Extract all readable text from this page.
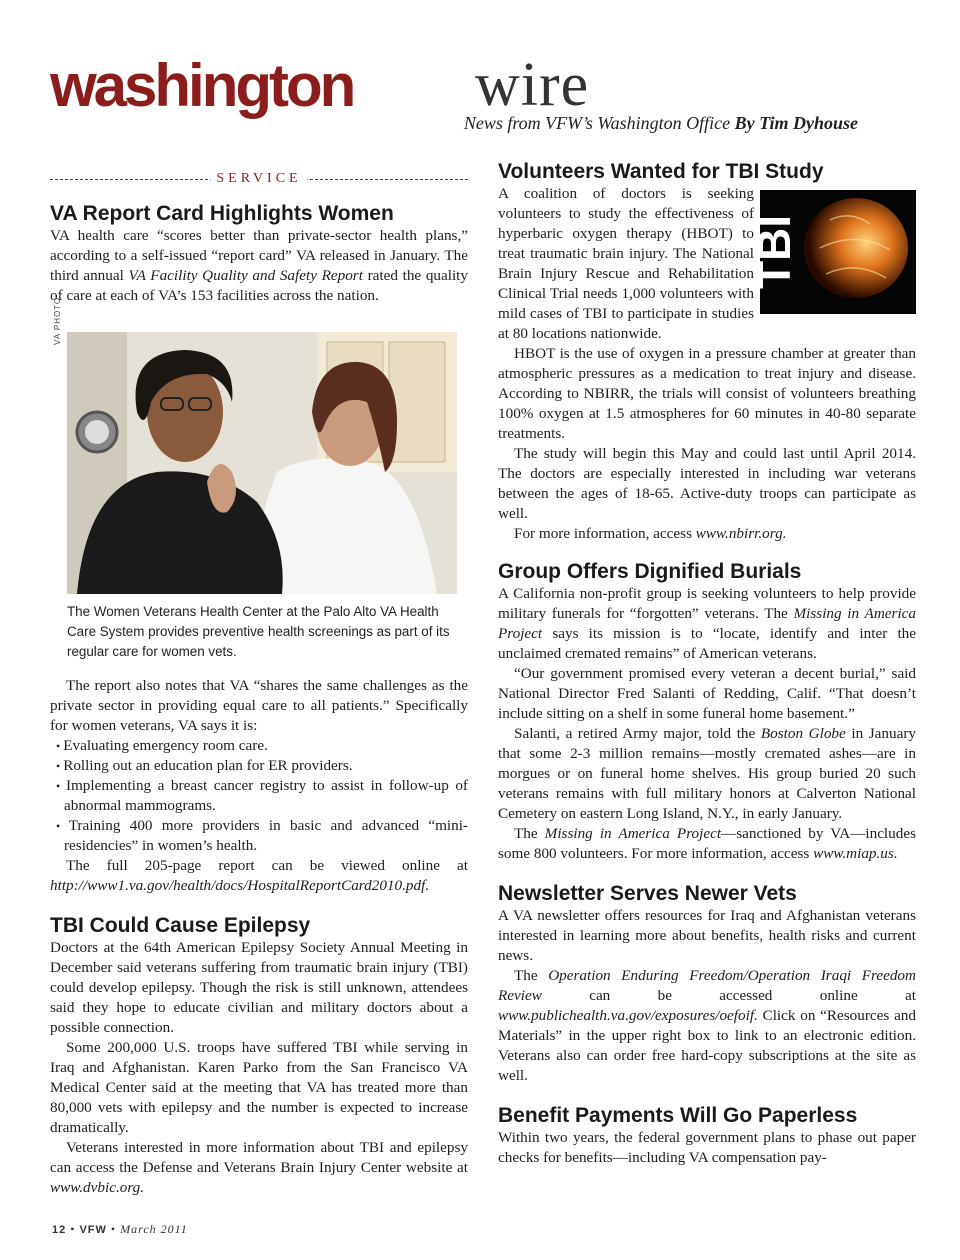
washington wire
News from VFW’s Washington Office By Tim Dyhouse
SERVICE
VA Report Card Highlights Women

VA health care “scores better than private-sector health plans,” according to a self-issued “report card” VA released in January. The third annual VA Facility Quality and Safety Report rated the quality of care at each of VA’s 153 facilities across the nation.

The Women Veterans Health Center at the Palo Alto VA Health Care System provides preventive health screenings as part of its regular care for women vets.

The report also notes that VA “shares the same challenges as the private sector in providing equal care to all patients.” Specifically for women veterans, VA says it is:

• Evaluating emergency room care.
• Rolling out an education plan for ER providers.
• Implementing a breast cancer registry to assist in follow-up of abnormal mammograms.
• Training 400 more providers in basic and advanced “mini-residencies” in women’s health.

The full 205-page report can be viewed online at http://www1.va.gov/health/docs/HospitalReportCard2010.pdf.

TBI Could Cause Epilepsy

Doctors at the 64th American Epilepsy Society Annual Meeting in December said veterans suffering from traumatic brain injury (TBI) could develop epilepsy. Though the risk is still unknown, attendees said they hope to educate civilian and military doctors about a possible connection.

Some 200,000 U.S. troops have suffered TBI while serving in Iraq and Afghanistan. Karen Parko from the San Francisco VA Medical Center said at the meeting that VA has treated more than 80,000 vets with epilepsy and the number is expected to increase dramatically.

Veterans interested in more information about TBI and epilepsy can access the Defense and Veterans Brain Injury Center website at www.dvbic.org.

VA PHOTO
Volunteers Wanted for TBI Study
TBI

A coalition of doctors is seeking volunteers to study the effectiveness of hyperbaric oxygen therapy (HBOT) to treat traumatic brain injury. The National Brain Injury Rescue and Rehabilitation Clinical Trial needs 1,000 volunteers with mild cases of TBI to participate in studies at 80 locations nationwide.

HBOT is the use of oxygen in a pressure chamber at greater than atmospheric pressures as a medication to treat injury and disease. According to NBIRR, the trials will consist of volunteers breathing 100% oxygen at 1.5 atmospheres for 60 minutes in 40-80 separate treatments.

The study will begin this May and could last until April 2014. The doctors are especially interested in including war veterans between the ages of 18-65. Active-duty troops can participate as well.

For more information, access www.nbirr.org.

Group Offers Dignified Burials

A California non-profit group is seeking volunteers to help provide military funerals for “forgotten” veterans. The Missing in America Project says its mission is to “locate, identify and inter the unclaimed cremated remains” of American veterans.

“Our government promised every veteran a decent burial,” said National Director Fred Salanti of Redding, Calif. “That doesn’t include sitting on a shelf in some funeral home basement.”

Salanti, a retired Army major, told the Boston Globe in January that some 2-3 million remains—mostly cremated ashes—are in morgues or on funeral home shelves. His group buried 20 such veterans remains with full military honors at Calverton National Cemetery on eastern Long Island, N.Y., in early January.

The Missing in America Project—sanctioned by VA—includes some 800 volunteers. For more information, access www.miap.us.

Newsletter Serves Newer Vets

A VA newsletter offers resources for Iraq and Afghanistan veterans interested in learning more about benefits, health risks and current news.

The Operation Enduring Freedom/Operation Iraqi Freedom Review can be accessed online at www.publichealth.va.gov/exposures/oefoif. Click on “Resources and Materials” in the upper right box to link to an electronic edition. Veterans also can order free hard-copy subscriptions at the site as well.

Benefit Payments Will Go Paperless

Within two years, the federal government plans to phase out paper checks for benefits—including VA compensation pay-

12 • VFW • March 2011
